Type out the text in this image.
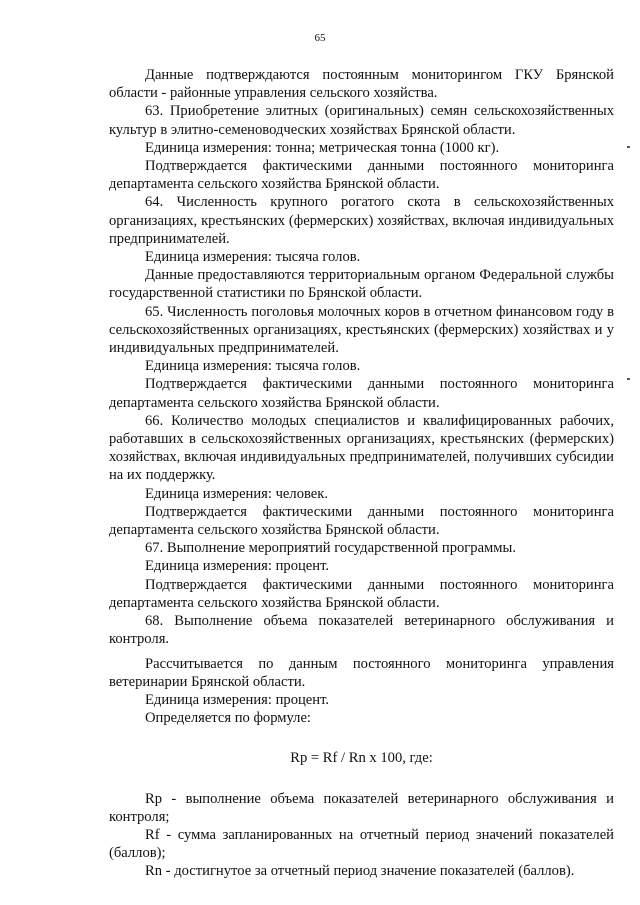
65

Данные подтверждаются постоянным мониторингом ГКУ Брянской области - районные управления сельского хозяйства.

63. Приобретение элитных (оригинальных) семян сельскохозяйственных культур в элитно-семеноводческих хозяйствах Брянской области.

Единица измерения: тонна; метрическая тонна (1000 кг).

Подтверждается фактическими данными постоянного мониторинга департамента сельского хозяйства Брянской области.

64. Численность крупного рогатого скота в сельскохозяйственных организациях, крестьянских (фермерских) хозяйствах, включая индивидуальных предпринимателей.

Единица измерения: тысяча голов.

Данные предоставляются территориальным органом Федеральной службы государственной статистики по Брянской области.

65. Численность поголовья молочных коров в отчетном финансовом году в сельскохозяйственных организациях, крестьянских (фермерских) хозяйствах и у индивидуальных предпринимателей.

Единица измерения: тысяча голов.

Подтверждается фактическими данными постоянного мониторинга департамента сельского хозяйства Брянской области.

66. Количество молодых специалистов и квалифицированных рабочих, работавших в сельскохозяйственных организациях, крестьянских (фермерских) хозяйствах, включая индивидуальных предпринимателей, получивших субсидии на их поддержку.

Единица измерения: человек.

Подтверждается фактическими данными постоянного мониторинга департамента сельского хозяйства Брянской области.

67. Выполнение мероприятий государственной программы.

Единица измерения: процент.

Подтверждается фактическими данными постоянного мониторинга департамента сельского хозяйства Брянской области.

68. Выполнение объема показателей ветеринарного обслуживания и контроля.

Рассчитывается по данным постоянного мониторинга управления ветеринарии Брянской области.

Единица измерения: процент.

Определяется по формуле:

Rp = Rf / Rn x 100, где:

Rp - выполнение объема показателей ветеринарного обслуживания и контроля;

Rf - сумма запланированных на отчетный период значений показателей (баллов);

Rn - достигнутое за отчетный период значение показателей (баллов).
